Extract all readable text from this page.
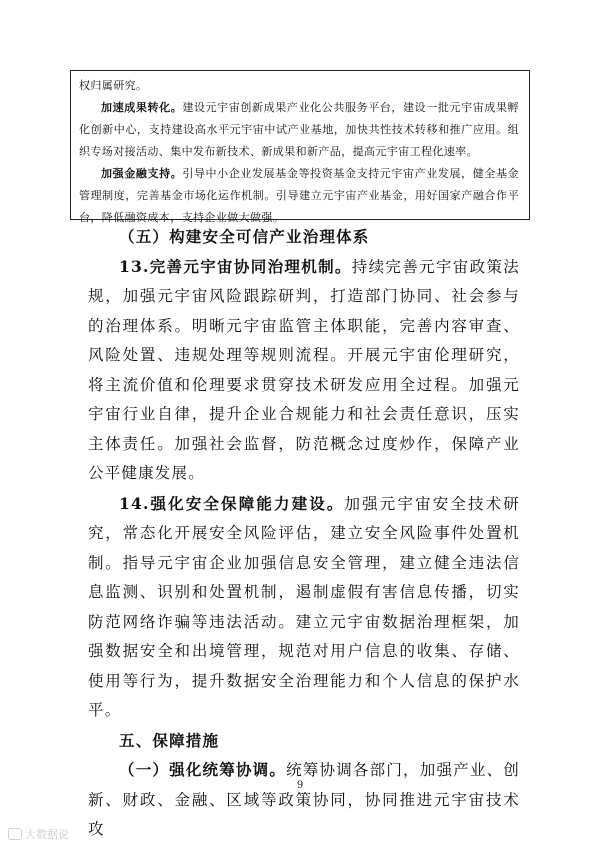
权归属研究。

加速成果转化。建设元宇宙创新成果产业化公共服务平台，建设一批元宇宙成果孵化创新中心，支持建设高水平元宇宙中试产业基地，加快共性技术转移和推广应用。组织专场对接活动、集中发布新技术、新成果和新产品，提高元宇宙工程化速率。

加强金融支持。引导中小企业发展基金等投资基金支持元宇宙产业发展，健全基金管理制度，完善基金市场化运作机制。引导建立元宇宙产业基金，用好国家产融合作平台，降低融资成本，支持企业做大做强。

（五）构建安全可信产业治理体系

13.完善元宇宙协同治理机制。持续完善元宇宙政策法规，加强元宇宙风险跟踪研判，打造部门协同、社会参与的治理体系。明晰元宇宙监管主体职能，完善内容审查、风险处置、违规处理等规则流程。开展元宇宙伦理研究，将主流价值和伦理要求贯穿技术研发应用全过程。加强元宇宙行业自律，提升企业合规能力和社会责任意识，压实主体责任。加强社会监督，防范概念过度炒作，保障产业公平健康发展。

14.强化安全保障能力建设。加强元宇宙安全技术研究，常态化开展安全风险评估，建立安全风险事件处置机制。指导元宇宙企业加强信息安全管理，建立健全违法信息监测、识别和处置机制，遏制虚假有害信息传播，切实防范网络诈骗等违法活动。建立元宇宙数据治理框架，加强数据安全和出境管理，规范对用户信息的收集、存储、使用等行为，提升数据安全治理能力和个人信息的保护水平。

五、保障措施

（一）强化统筹协调。统筹协调各部门，加强产业、创新、财政、金融、区域等政策协同，协同推进元宇宙技术攻

9
大数据说
